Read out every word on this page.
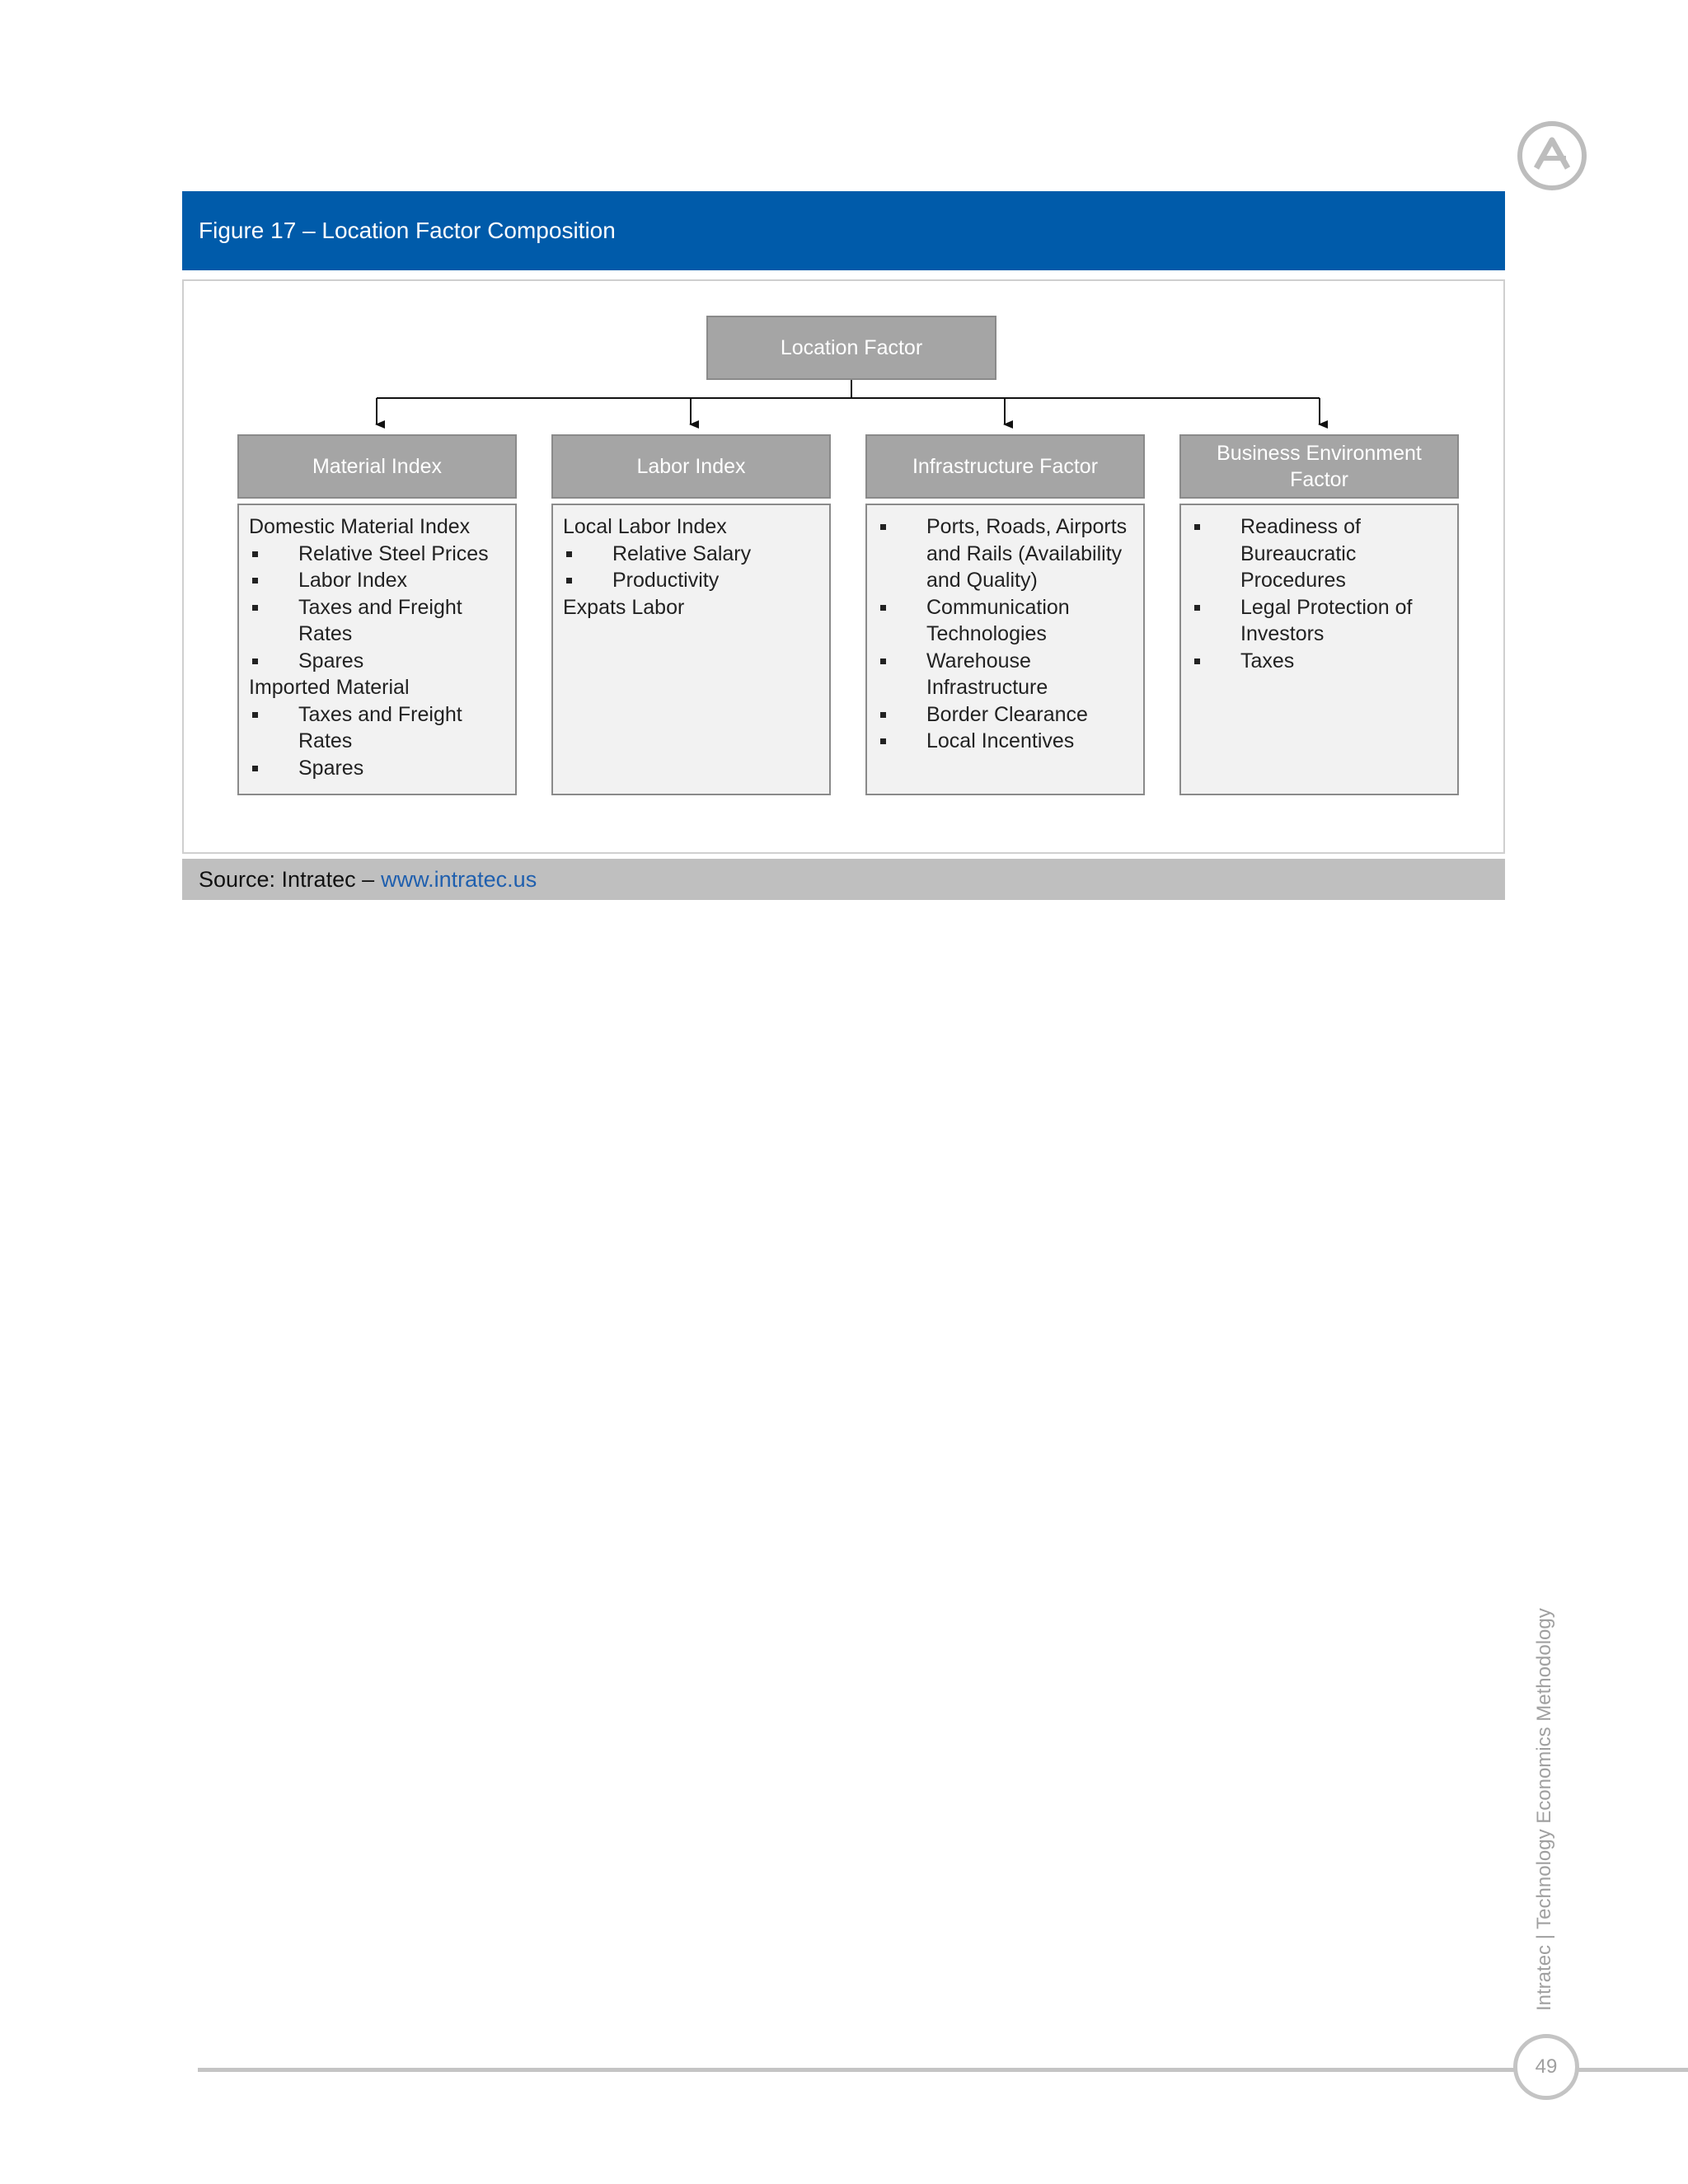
Figure 17 – Location Factor Composition
Location Factor
Material Index	Labor Index	Infrastructure Factor
Business Environment Factor
Domestic Material Index
Relative Steel Prices
Labor Index
Taxes and Freight Rates
Spares
Imported Material
Taxes and Freight Rates
Spares
Local Labor Index
Relative Salary
Productivity
Expats Labor
Ports, Roads, Airports and Rails (Availability and Quality)
Communication Technologies
Warehouse Infrastructure
Border Clearance
Local Incentives
Readiness of Bureaucratic Procedures
Legal Protection of Investors
Taxes
Source: Intratec – www.intratec.us
Intratec | Technology Economics Methodology
49
